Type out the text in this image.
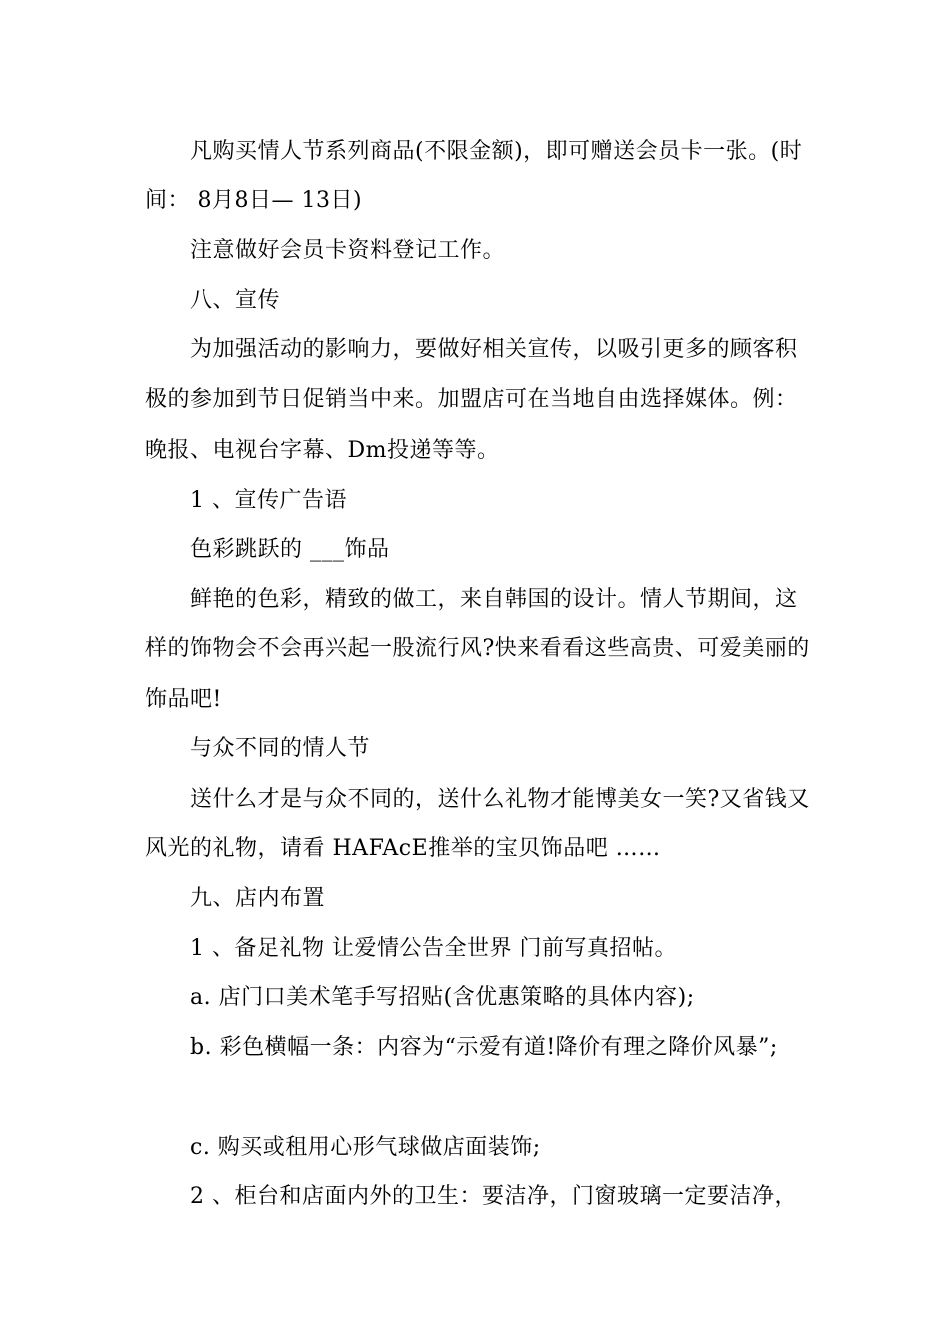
凡购买情人节系列商品(不限金额)，即可赠送会员卡一张。(时
间： 8月8日— 13日)
注意做好会员卡资料登记工作。
八、宣传
为加强活动的影响力，要做好相关宣传，以吸引更多的顾客积
极的参加到节日促销当中来。加盟店可在当地自由选择媒体。例：
晚报、电视台字幕、Dm投递等等。
1 、宣传广告语
色彩跳跃的 ___饰品
鲜艳的色彩，精致的做工，来自韩国的设计。情人节期间，这
样的饰物会不会再兴起一股流行风?快来看看这些高贵、可爱美丽的
饰品吧!
与众不同的情人节
送什么才是与众不同的，送什么礼物才能博美女一笑?又省钱又
风光的礼物，请看 HAFAcE推举的宝贝饰品吧 ……
九、店内布置
1 、备足礼物 让爱情公告全世界 门前写真招帖。
a. 店门口美术笔手写招贴(含优惠策略的具体内容);
b. 彩色横幅一条：内容为“示爱有道!降价有理之降价风暴”;
c. 购买或租用心形气球做店面装饰;
2 、柜台和店面内外的卫生：要洁净，门窗玻璃一定要洁净，
